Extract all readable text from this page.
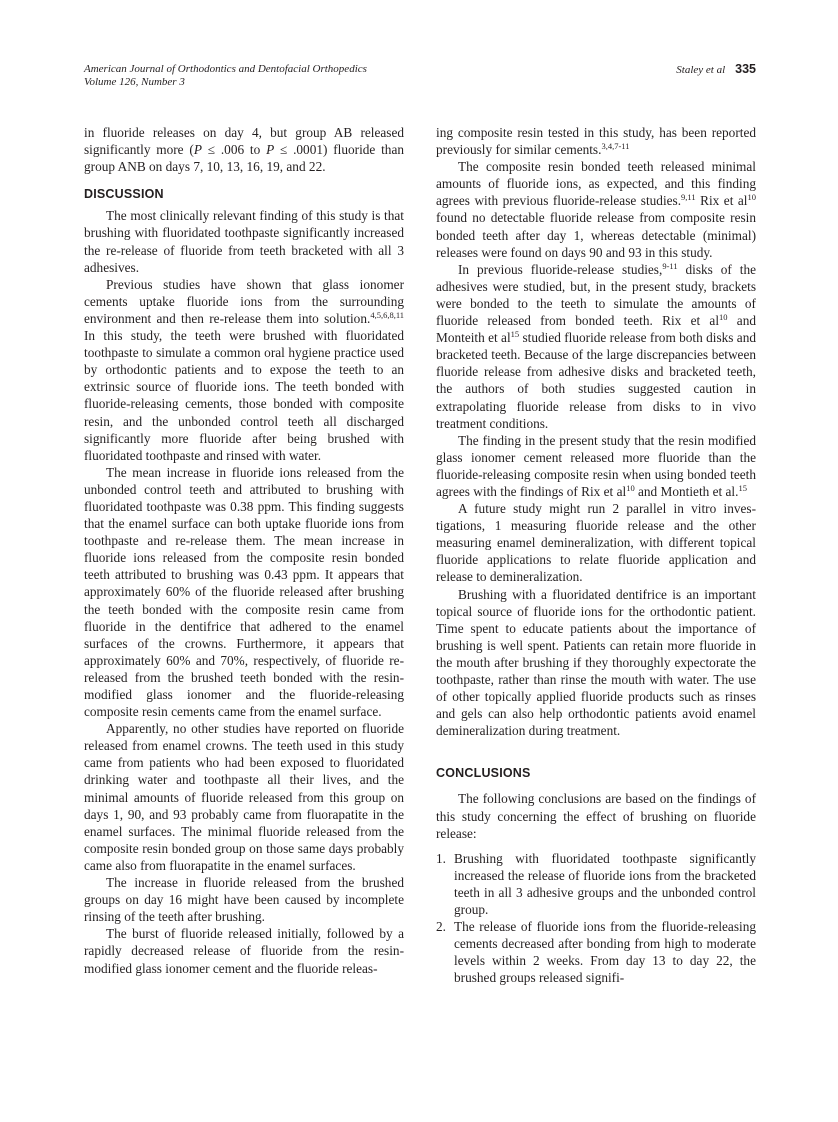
American Journal of Orthodontics and Dentofacial Orthopedics
Volume 126, Number 3
Staley et al 335

in fluoride releases on day 4, but group AB released significantly more (P ≤ .006 to P ≤ .0001) fluoride than group ANB on days 7, 10, 13, 16, 19, and 22.

DISCUSSION

The most clinically relevant finding of this study is that brushing with fluoridated toothpaste significantly increased the re-release of fluoride from teeth bracketed with all 3 adhesives.

Previous studies have shown that glass ionomer cements uptake fluoride ions from the surrounding environment and then re-release them into solution.$^{4,5,6,8,11}$ In this study, the teeth were brushed with fluoridated toothpaste to simulate a common oral hygiene practice used by orthodontic patients and to expose the teeth to an extrinsic source of fluoride ions. The teeth bonded with fluoride-releasing cements, those bonded with composite resin, and the unbonded control teeth all discharged significantly more fluoride after being brushed with fluoridated toothpaste and rinsed with water.

The mean increase in fluoride ions released from the unbonded control teeth and attributed to brushing with fluoridated toothpaste was 0.38 ppm. This finding suggests that the enamel surface can both uptake fluoride ions from toothpaste and re-release them. The mean increase in fluoride ions released from the composite resin bonded teeth attributed to brushing was 0.43 ppm. It appears that approximately 60% of the fluoride released after brushing the teeth bonded with the composite resin came from fluoride in the dentifrice that adhered to the enamel surfaces of the crowns. Furthermore, it appears that approximately 60% and 70%, respectively, of fluoride re-released from the brushed teeth bonded with the resin-modified glass ionomer and the fluoride-releasing composite resin cements came from the enamel surface.

Apparently, no other studies have reported on fluoride released from enamel crowns. The teeth used in this study came from patients who had been exposed to fluoridated drinking water and toothpaste all their lives, and the minimal amounts of fluoride released from this group on days 1, 90, and 93 probably came from fluorapatite in the enamel surfaces. The minimal fluoride released from the composite resin bonded group on those same days probably came also from fluorapatite in the enamel surfaces.

The increase in fluoride released from the brushed groups on day 16 might have been caused by incomplete rinsing of the teeth after brushing.

The burst of fluoride released initially, followed by a rapidly decreased release of fluoride from the resin-modified glass ionomer cement and the fluoride releas-

ing composite resin tested in this study, has been reported previously for similar cements.$^{3,4,7-11}$

The composite resin bonded teeth released minimal amounts of fluoride ions, as expected, and this finding agrees with previous fluoride-release studies.$^{9,11}$ Rix et $al^{10}$ found no detectable fluoride release from composite resin bonded teeth after day 1, whereas detectable (minimal) releases were found on days 90 and 93 in this study.

In previous fluoride-release studies,$^{9-11}$ disks of the adhesives were studied, but, in the present study, brackets were bonded to the teeth to simulate the amounts of fluoride released from bonded teeth. Rix et $al^{10}$ and Monteith et $al^{15}$ studied fluoride release from both disks and bracketed teeth. Because of the large discrepancies between fluoride release from adhesive disks and bracketed teeth, the authors of both studies suggested caution in extrapolating fluoride release from disks to in vivo treatment conditions.

The finding in the present study that the resin modified glass ionomer cement released more fluoride than the fluoride-releasing composite resin when using bonded teeth agrees with the findings of Rix et $al^{10}$ and Montieth et al.$^{15}$

A future study might run 2 parallel in vitro investigations, 1 measuring fluoride release and the other measuring enamel demineralization, with different topical fluoride applications to relate fluoride application and release to demineralization.

Brushing with a fluoridated dentifrice is an important topical source of fluoride ions for the orthodontic patient. Time spent to educate patients about the importance of brushing is well spent. Patients can retain more fluoride in the mouth after brushing if they thoroughly expectorate the toothpaste, rather than rinse the mouth with water. The use of other topically applied fluoride products such as rinses and gels can also help orthodontic patients avoid enamel demineralization during treatment.

CONCLUSIONS

The following conclusions are based on the findings of this study concerning the effect of brushing on fluoride release:

1. Brushing with fluoridated toothpaste significantly increased the release of fluoride ions from the bracketed teeth in all 3 adhesive groups and the unbonded control group.
2. The release of fluoride ions from the fluoride-releasing cements decreased after bonding from high to moderate levels within 2 weeks. From day 13 to day 22, the brushed groups released signifi-
